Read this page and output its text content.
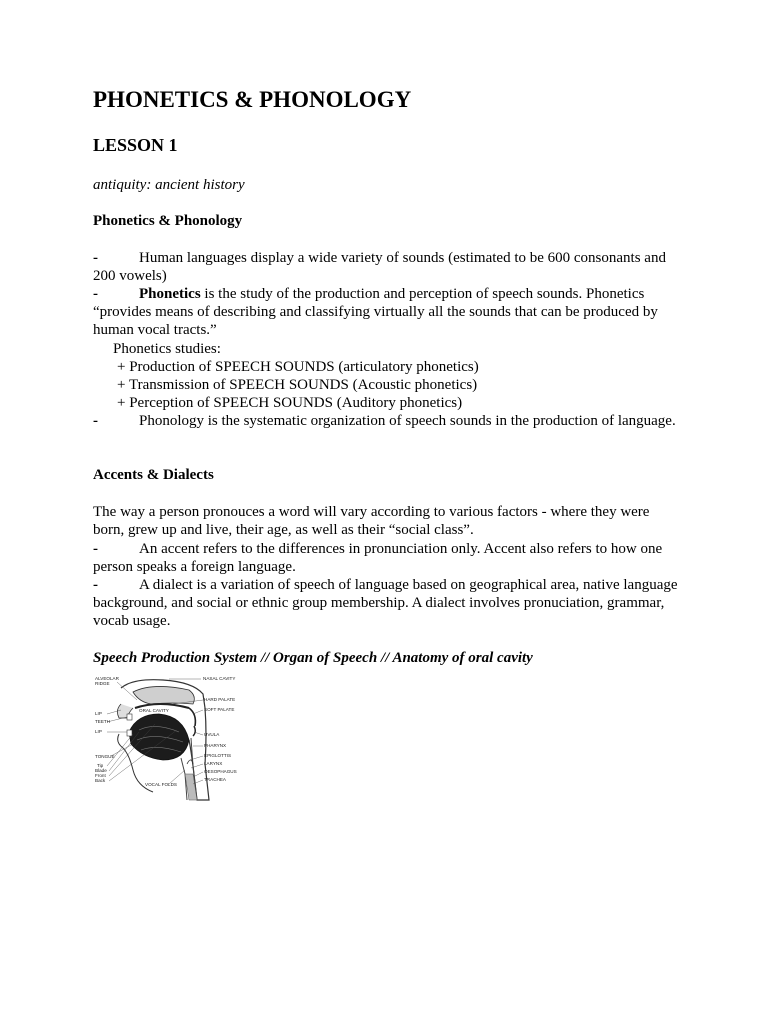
PHONETICS & PHONOLOGY
LESSON 1

antiquity: ancient history

Phonetics & Phonology

-	Human languages display a wide variety of sounds (estimated to be 600 consonants and 200 vowels)

-	Phonetics is the study of the production and perception of speech sounds. Phonetics “provides means of describing and classifying virtually all the sounds that can be produced by human vocal tracts.”

Phonetics studies:
+ Production of SPEECH SOUNDS (articulatory phonetics)
+ Transmission of SPEECH SOUNDS (Acoustic phonetics)
+ Perception of SPEECH SOUNDS (Auditory phonetics)

-	Phonology is the systematic organization of speech sounds in the production of language.

Accents & Dialects

The way a person pronouces a word will vary according to various factors - where they were born, grew up and live, their age, as well as their “social class”.

-	An accent refers to the differences in pronunciation only. Accent also refers to how one person speaks a foreign language.

-	A dialect is a variation of speech of language based on geographical area, native language background, and social or ethnic group membership. A dialect involves pronuciation, grammar, vocab usage.

Speech Production System // Organ of Speech // Anatomy of oral cavity

ALVEOLAR
RIDGE
LIP
TEETH
LIP
TONGUE
Tip
Blade
Front
Back
ORAL CAVITY
NASAL CAVITY
HARD PALATE
SOFT PALATE
UVULA
PHARYNX
EPIGLOTTIS
LARYNX
OESOPHAGUS
TRACHEA
VOCAL FOLDS
